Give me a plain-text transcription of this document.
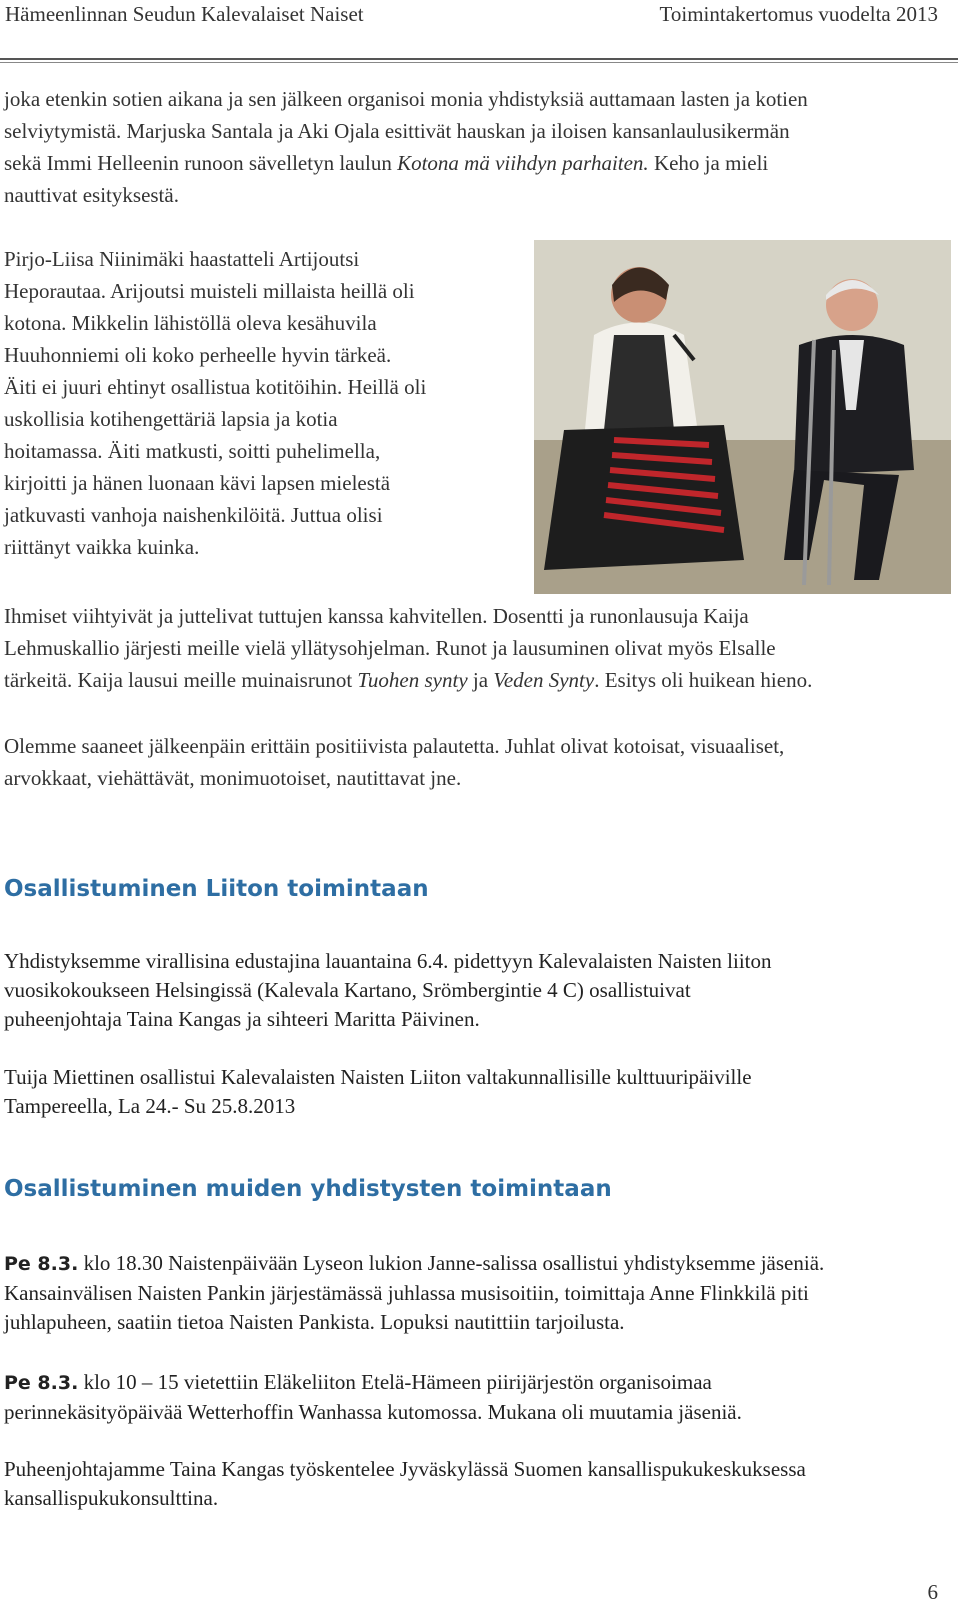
Hämeenlinnan Seudun Kalevalaiset Naiset	Toimintakertomus vuodelta 2013
joka etenkin sotien aikana ja sen jälkeen organisoi monia yhdistyksiä auttamaan lasten ja kotien
selviytymistä. Marjuska Santala ja Aki Ojala esittivät hauskan ja iloisen kansanlaulusikermän
sekä Immi Helleenin runoon sävelletyn laulun Kotona mä viihdyn parhaiten. Keho ja mieli
nauttivat esityksestä.
Pirjo-Liisa Niinimäki haastatteli Artijoutsi
Heporautaa. Arijoutsi muisteli millaista heillä oli
kotona. Mikkelin lähistöllä oleva kesähuvila
Huuhonniemi oli koko perheelle hyvin tärkeä.
Äiti ei juuri ehtinyt osallistua kotitöihin. Heillä oli
uskollisia kotihengettäriä lapsia ja kotia
hoitamassa. Äiti matkusti, soitti puhelimella,
kirjoitti ja hänen luonaan kävi lapsen mielestä
jatkuvasti vanhoja naishenkilöitä. Juttua olisi
riittänyt vaikka kuinka.
Ihmiset viihtyivät ja juttelivat tuttujen kanssa kahvitellen. Dosentti ja runonlausuja Kaija
Lehmuskallio järjesti meille vielä yllätysohjelman. Runot ja lausuminen olivat myös Elsalle
tärkeitä. Kaija lausui meille muinaisrunot Tuohen synty ja Veden Synty. Esitys oli huikean hieno.
Olemme saaneet jälkeenpäin erittäin positiivista palautetta. Juhlat olivat kotoisat, visuaaliset,
arvokkaat, viehättävät, monimuotoiset, nautittavat jne.
Osallistuminen Liiton toimintaan
Yhdistyksemme virallisina edustajina lauantaina 6.4. pidettyyn Kalevalaisten Naisten liiton
vuosikokoukseen Helsingissä (Kalevala Kartano, Srömbergintie 4 C) osallistuivat
puheenjohtaja Taina Kangas ja sihteeri Maritta Päivinen.
Tuija Miettinen osallistui Kalevalaisten Naisten Liiton valtakunnallisille kulttuuripäiville
Tampereella, La 24.- Su 25.8.2013
Osallistuminen muiden yhdistysten toimintaan
Pe 8.3. klo 18.30 Naistenpäivään Lyseon lukion Janne-salissa osallistui yhdistyksemme jäseniä.
Kansainvälisen Naisten Pankin järjestämässä juhlassa musisoitiin, toimittaja Anne Flinkkilä piti
juhlapuheen, saatiin tietoa Naisten Pankista. Lopuksi nautittiin tarjoilusta.
Pe 8.3. klo 10 – 15 vietettiin Eläkeliiton Etelä-Hämeen piirijärjestön organisoimaa
perinnekäsityöpäivää Wetterhoffin Wanhassa kutomossa. Mukana oli muutamia jäseniä.
Puheenjohtajamme Taina Kangas työskentelee Jyväskylässä Suomen kansallispukukeskuksessa
kansallispukukonsulttina.
6
